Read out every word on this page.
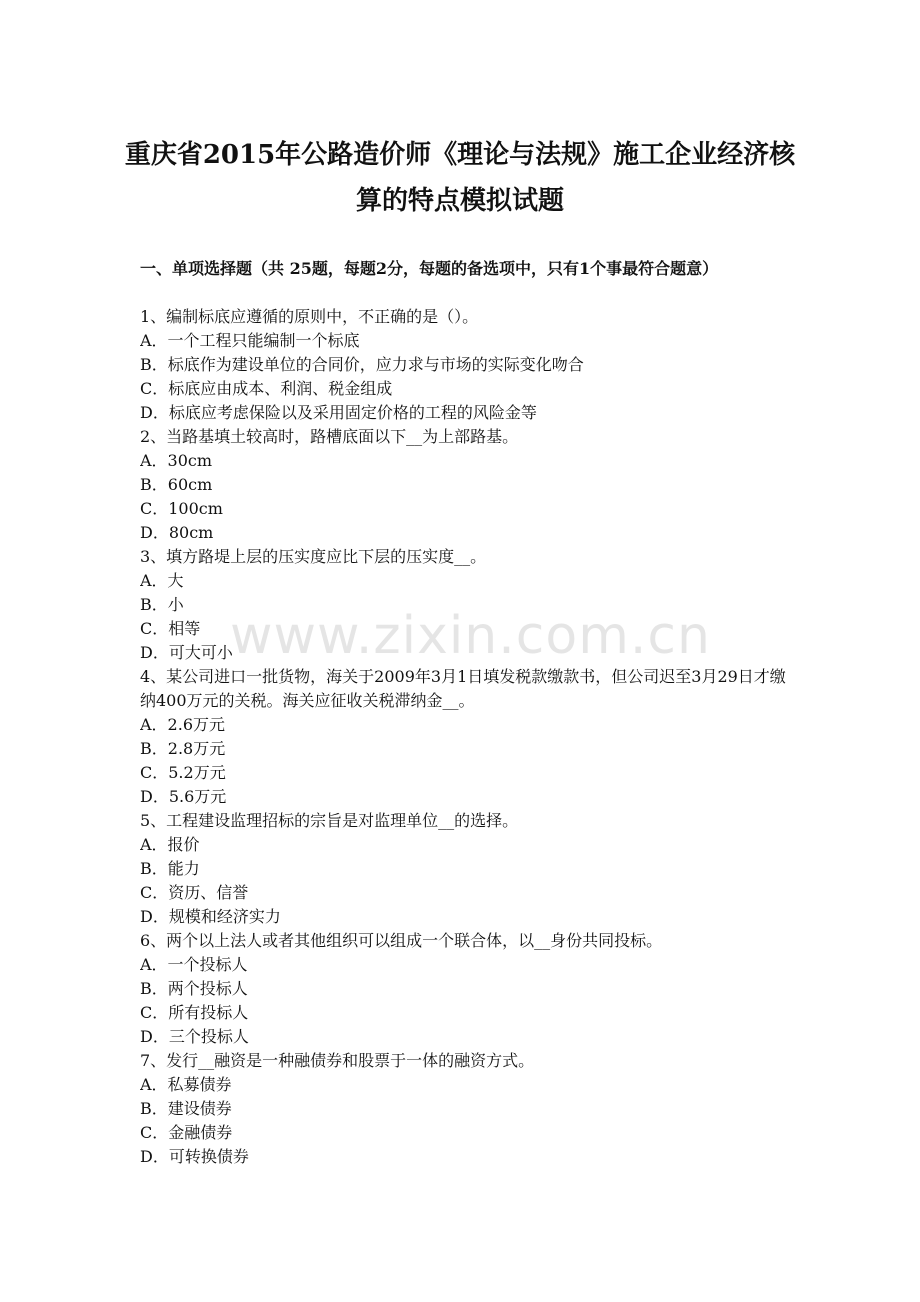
重庆省2015年公路造价师《理论与法规》施工企业经济核
算的特点模拟试题
一、单项选择题（共 25题，每题2分，每题的备选项中，只有1个事最符合题意）
1、编制标底应遵循的原则中，不正确的是（）。
A．一个工程只能编制一个标底
B．标底作为建设单位的合同价，应力求与市场的实际变化吻合
C．标底应由成本、利润、税金组成
D．标底应考虑保险以及采用固定价格的工程的风险金等
2、当路基填土较高时，路槽底面以下__为上部路基。
A．30cm
B．60cm
C．100cm
D．80cm
3、填方路堤上层的压实度应比下层的压实度__。
A．大
B．小
C．相等
D．可大可小
4、某公司进口一批货物，海关于2009年3月1日填发税款缴款书，但公司迟至3月29日才缴纳400万元的关税。海关应征收关税滞纳金__。
A．2.6万元
B．2.8万元
C．5.2万元
D．5.6万元
5、工程建设监理招标的宗旨是对监理单位__的选择。
A．报价
B．能力
C．资历、信誉
D．规模和经济实力
6、两个以上法人或者其他组织可以组成一个联合体，以__身份共同投标。
A．一个投标人
B．两个投标人
C．所有投标人
D．三个投标人
7、发行__融资是一种融债券和股票于一体的融资方式。
A．私募债券
B．建设债券
C．金融债券
D．可转换债券
www.zixin.com.cn
